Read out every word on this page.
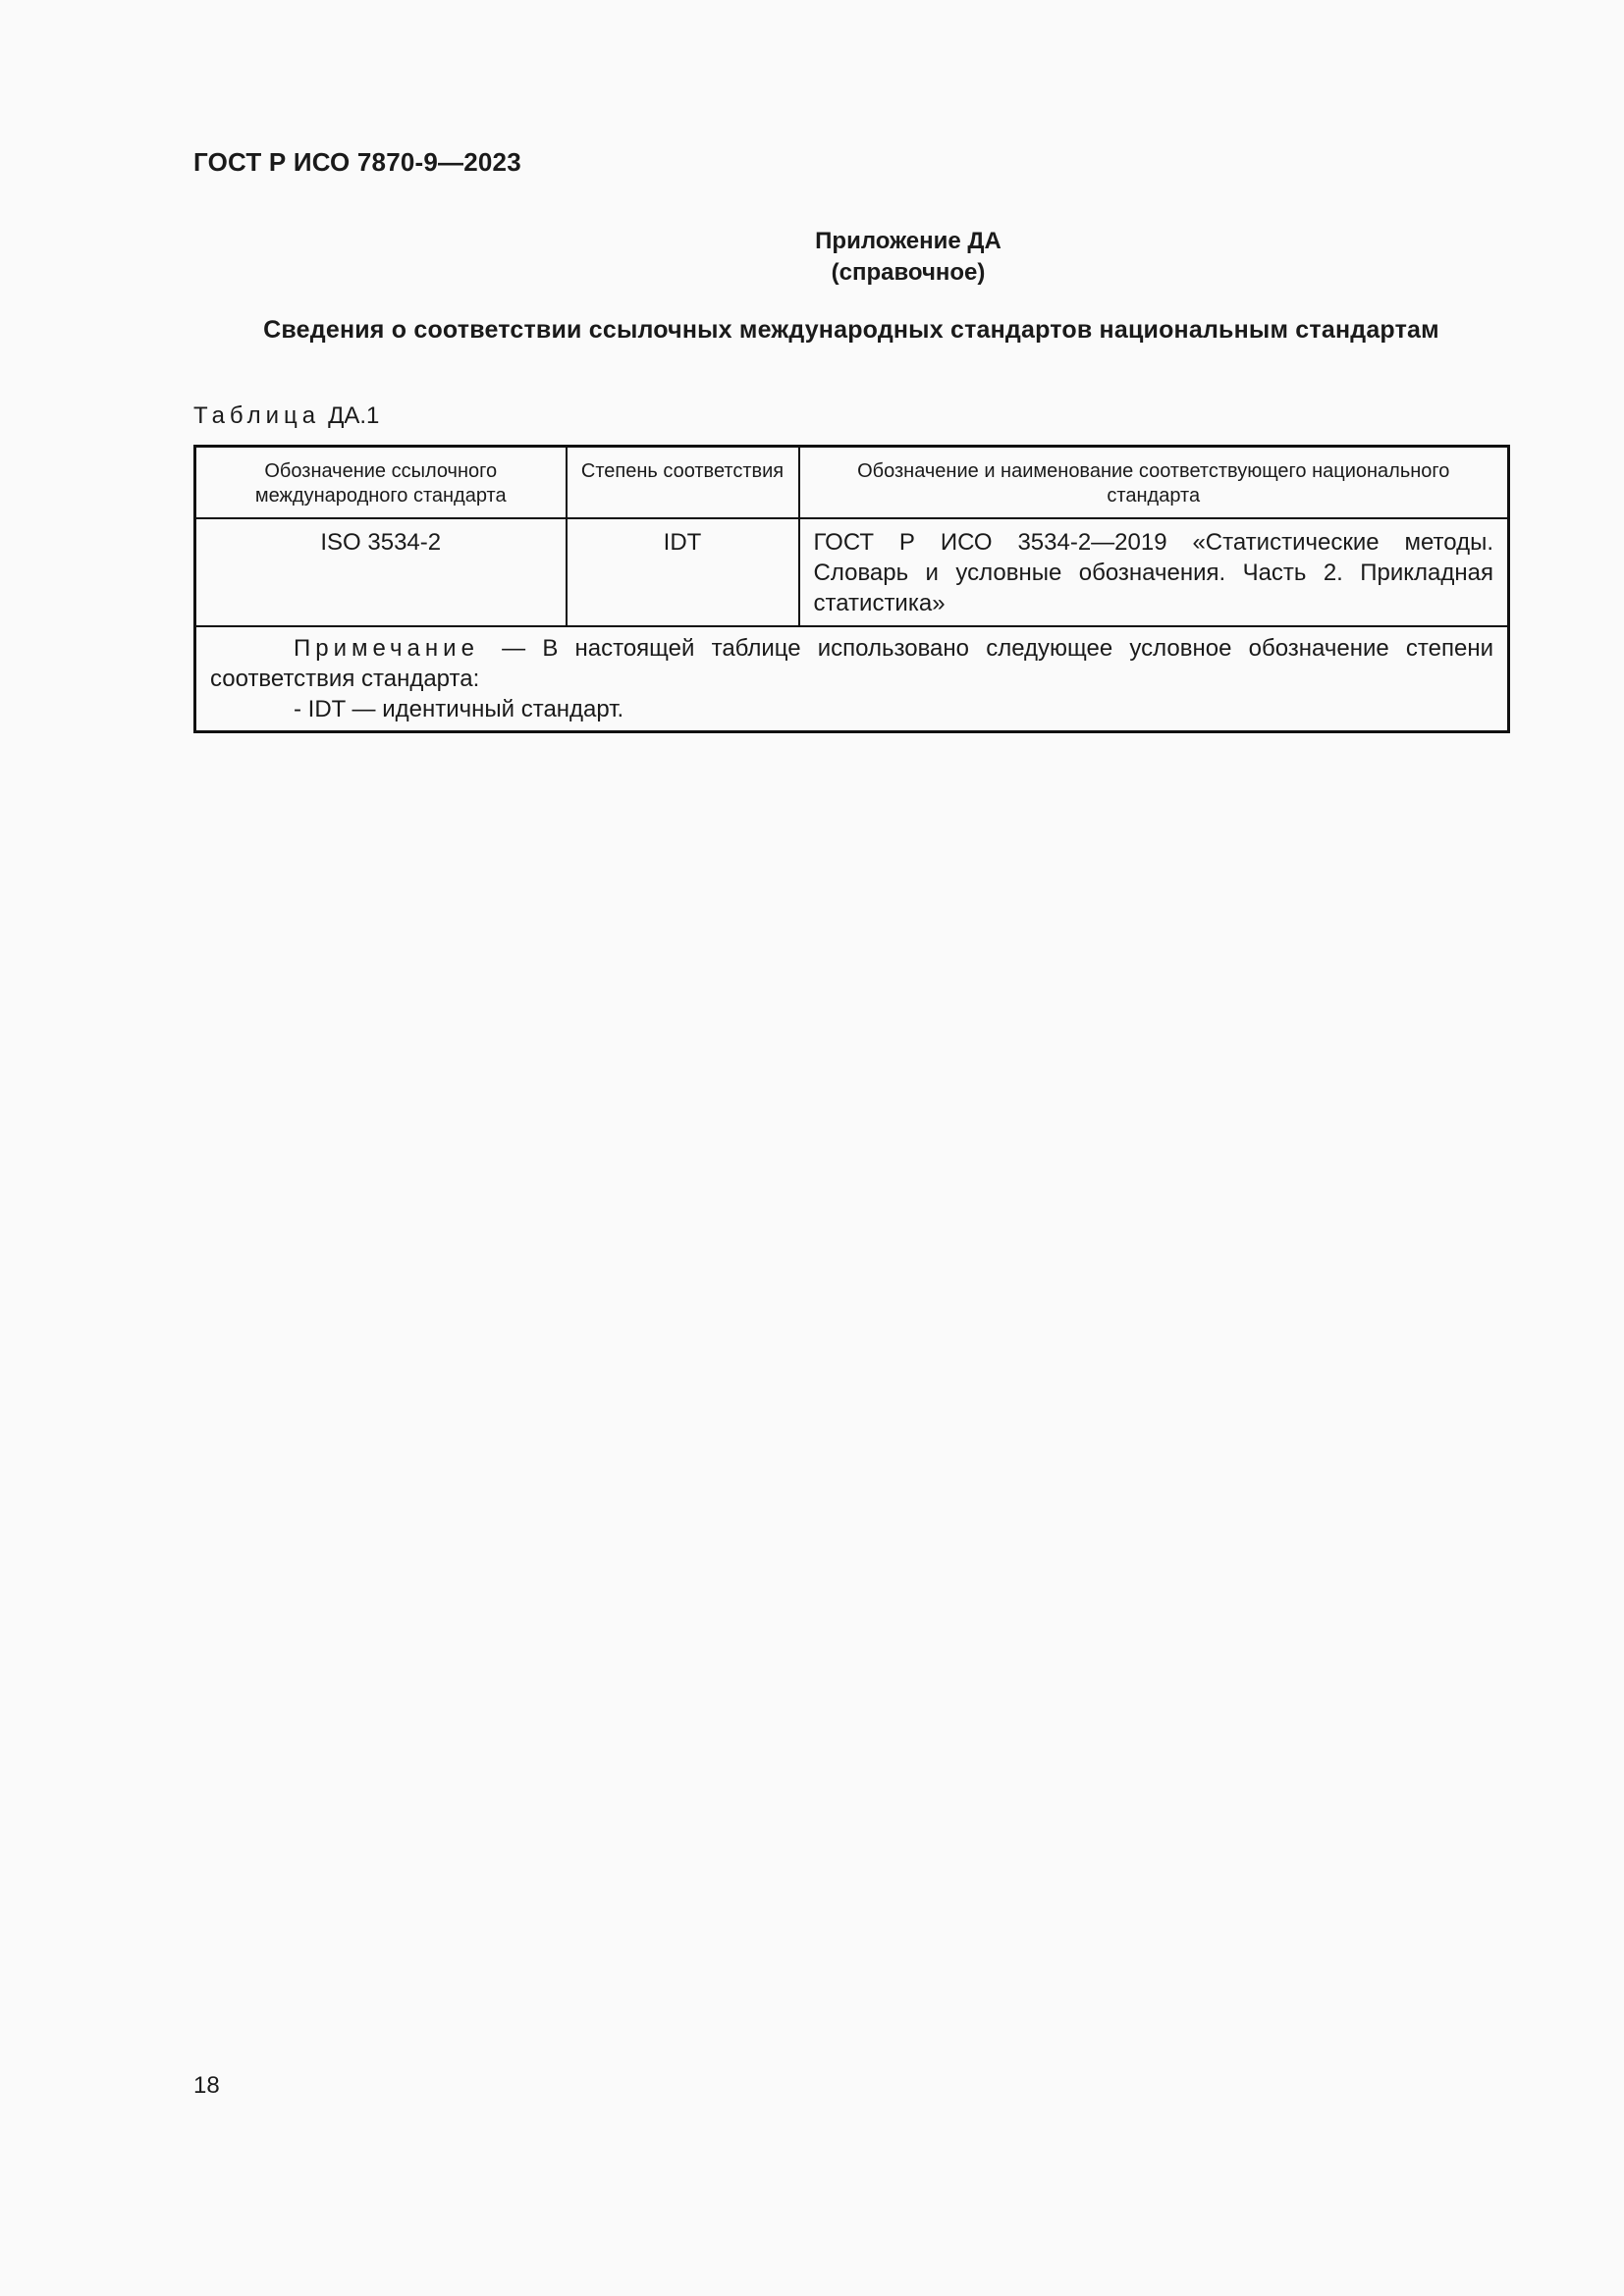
ГОСТ Р ИСО 7870-9—2023
Приложение ДА
(справочное)
Сведения о соответствии ссылочных международных стандартов национальным стандартам
Таблица ДА.1
Обозначение ссылочного международного стандарта	Степень соответствия	Обозначение и наименование соответствующего национального стандарта
ISO 3534-2	IDT	ГОСТ Р ИСО 3534-2—2019 «Статистические методы. Словарь и условные обозначения. Часть 2. Прикладная статистика»

Примечание — В настоящей таблице использовано следующее условное обозначение степени соответствия стандарта:
- IDT — идентичный стандарт.		
18
